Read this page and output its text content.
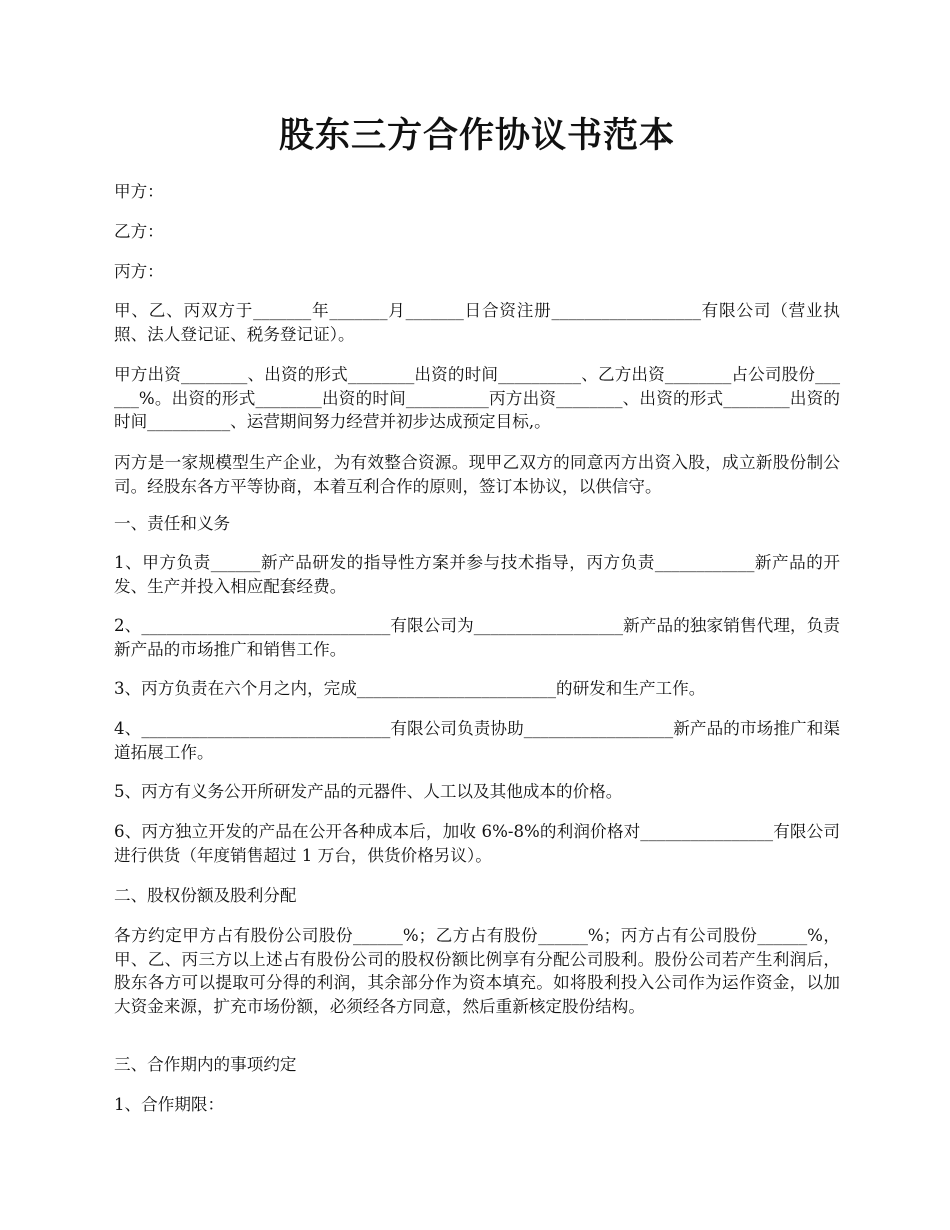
股东三方合作协议书范本

甲方：

乙方：

丙方：

甲、乙、丙双方于_______年_______月_______日合资注册__________________有限公司（营业执照、法人登记证、税务登记证）。

甲方出资________、出资的形式________出资的时间__________、乙方出资________占公司股份______%。出资的形式________出资的时间__________丙方出资________、出资的形式________出资的时间__________、运营期间努力经营并初步达成预定目标,。

丙方是一家规模型生产企业，为有效整合资源。现甲乙双方的同意丙方出资入股，成立新股份制公司。经股东各方平等协商，本着互利合作的原则，签订本协议，以供信守。

一、责任和义务

1、甲方负责______新产品研发的指导性方案并参与技术指导，丙方负责____________新产品的开发、生产并投入相应配套经费。

2、______________________________有限公司为__________________新产品的独家销售代理，负责新产品的市场推广和销售工作。

3、丙方负责在六个月之内，完成________________________的研发和生产工作。

4、______________________________有限公司负责协助__________________新产品的市场推广和渠道拓展工作。

5、丙方有义务公开所研发产品的元器件、人工以及其他成本的价格。

6、丙方独立开发的产品在公开各种成本后，加收 6%-8%的利润价格对________________有限公司进行供货（年度销售超过 1 万台，供货价格另议）。

二、股权份额及股利分配

各方约定甲方占有股份公司股份______%；乙方占有股份______%；丙方占有公司股份______%，甲、乙、丙三方以上述占有股份公司的股权份额比例享有分配公司股利。股份公司若产生利润后，股东各方可以提取可分得的利润，其余部分作为资本填充。如将股利投入公司作为运作资金，以加大资金来源，扩充市场份额，必须经各方同意，然后重新核定股份结构。

三、合作期内的事项约定

1、合作期限：
